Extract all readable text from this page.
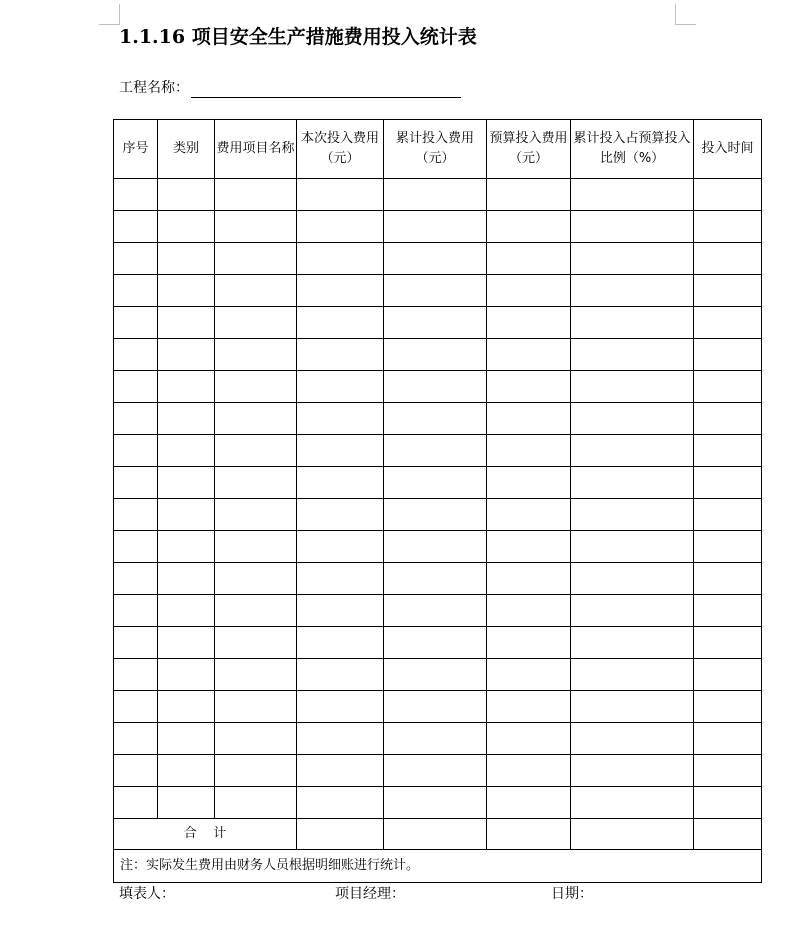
1.1.16 项目安全生产措施费用投入统计表
工程名称：
序号	类别	费用项目名称	本次投入费用（元）	累计投入费用（元）	预算投入费用（元）	累计投入占预算投入比例（%）	投入时间

合    计							
注：实际发生费用由财务人员根据明细账进行统计。							
填表人：	项目经理：	日期：
